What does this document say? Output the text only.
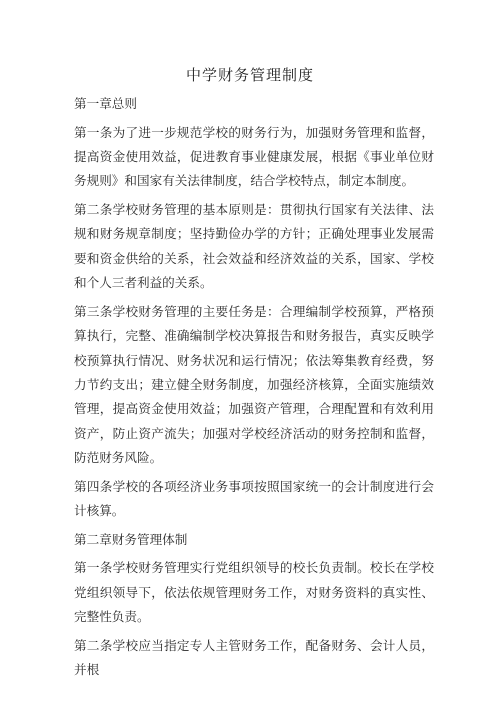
中学财务管理制度

第一章总则

第一条为了进一步规范学校的财务行为，加强财务管理和监督，提高资金使用效益，促进教育事业健康发展，根据《事业单位财务规则》和国家有关法律制度，结合学校特点，制定本制度。

第二条学校财务管理的基本原则是：贯彻执行国家有关法律、法规和财务规章制度；坚持勤俭办学的方针；正确处理事业发展需要和资金供给的关系，社会效益和经济效益的关系，国家、学校和个人三者利益的关系。

第三条学校财务管理的主要任务是：合理编制学校预算，严格预算执行，完整、准确编制学校决算报告和财务报告，真实反映学校预算执行情况、财务状况和运行情况；依法筹集教育经费，努力节约支出；建立健全财务制度，加强经济核算，全面实施绩效管理，提高资金使用效益；加强资产管理，合理配置和有效利用资产，防止资产流失；加强对学校经济活动的财务控制和监督，防范财务风险。

第四条学校的各项经济业务事项按照国家统一的会计制度进行会计核算。

第二章财务管理体制

第一条学校财务管理实行党组织领导的校长负责制。校长在学校党组织领导下，依法依规管理财务工作，对财务资料的真实性、完整性负责。

第二条学校应当指定专人主管财务工作，配备财务、会计人员，并根
